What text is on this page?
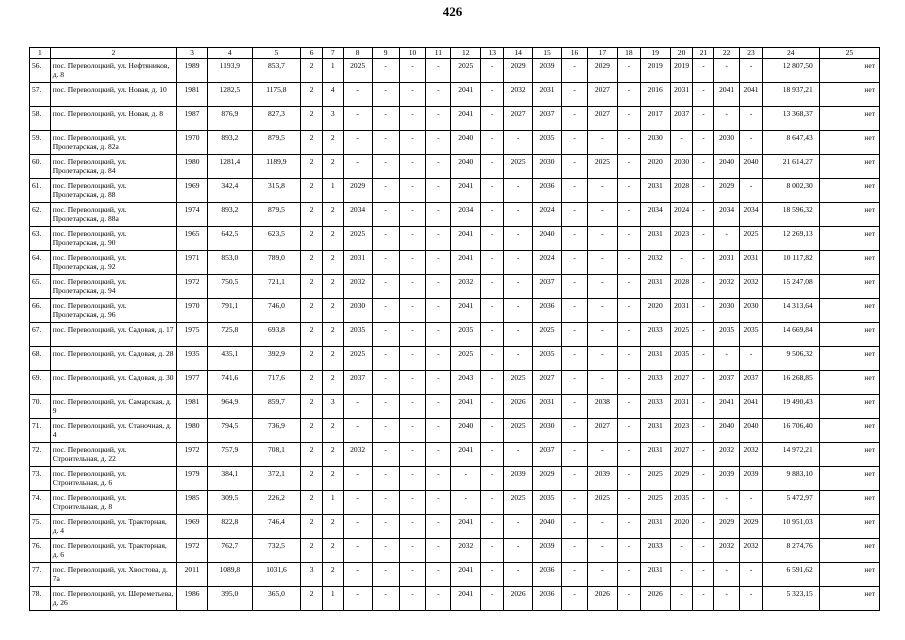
426
1	2	3	4	5	6	7	8	9	10	11	12	13	14	15	16	17	18	19	20	21	22	23	24	25
56.	пос. Переволоцкий, ул. Нефтяников, д. 8	1989	1193,9	853,7	2	1	2025	-	-	-	2025	-	2029	2039	-	2029	-	2019	2019	-	-	-	12 807,50	нет
57.	пос. Переволоцкий, ул. Новая, д. 10	1981	1282,5	1175,8	2	4	-	-	-	-	2041	-	2032	2031	-	2027	-	2016	2031	-	2041	2041	18 937,21	нет
58.	пос. Переволоцкий, ул. Новая, д. 8	1987	876,9	827,3	2	3	-	-	-	-	2041	-	2027	2037	-	2027	-	2017	2037	-	-	-	13 368,37	нет
59.	пос. Переволоцкий, ул. Пролетарская, д. 82а	1970	893,2	879,5	2	2	-	-	-	-	2040	-	-	2035	-	-	-	2030	-	-	2030	-	8 647,43	нет
60.	пос. Переволоцкий, ул. Пролетарская, д. 84	1980	1281,4	1189,9	2	2	-	-	-	-	2040	-	2025	2030	-	2025	-	2020	2030	-	2040	2040	21 614,27	нет
61.	пос. Переволоцкий, ул. Пролетарская, д. 88	1969	342,4	315,8	2	1	2029	-	-	-	2041	-	-	2036	-	-	-	2031	2028	-	2029	-	8 002,30	нет
62.	пос. Переволоцкий, ул. Пролетарская, д. 88а	1974	893,2	879,5	2	2	2034	-	-	-	2034	-	-	2024	-	-	-	2034	2024	-	2034	2034	18 596,32	нет
63.	пос. Переволоцкий, ул. Пролетарская, д. 90	1965	642,5	623,5	2	2	2025	-	-	-	2041	-	-	2040	-	-	-	2031	2023	-	-	2025	12 269,13	нет
64.	пос. Переволоцкий, ул. Пролетарская, д. 92	1971	853,0	789,0	2	2	2031	-	-	-	2041	-	-	2024	-	-	-	2032	-	-	2031	2031	10 117,82	нет
65.	пос. Переволоцкий, ул. Пролетарская, д. 94	1972	750,5	721,1	2	2	2032	-	-	-	2032	-	-	2037	-	-	-	2031	2028	-	2032	2032	15 247,08	нет
66.	пос. Переволоцкий, ул. Пролетарская, д. 96	1970	791,1	746,0	2	2	2030	-	-	-	2041	-	-	2036	-	-	-	2020	2031	-	2030	2030	14 313,64	нет
67.	пос. Переволоцкий, ул. Садовая, д. 17	1975	725,8	693,8	2	2	2035	-	-	-	2035	-	-	2025	-	-	-	2033	2025	-	2035	2035	14 669,84	нет
68.	пос. Переволоцкий, ул. Садовая, д. 28	1935	435,1	392,9	2	2	2025	-	-	-	2025	-	-	2035	-	-	-	2031	2035	-	-	-	9 506,32	нет
69.	пос. Переволоцкий, ул. Садовая, д. 30	1977	741,6	717,6	2	2	2037	-	-	-	2043	-	2025	2027	-	-	-	2033	2027	-	2037	2037	16 268,85	нет
70.	пос. Переволоцкий, ул. Самарская, д. 9	1981	964,9	859,7	2	3	-	-	-	-	2041	-	2026	2031	-	2038	-	2033	2031	-	2041	2041	19 490,43	нет
71.	пос. Переволоцкий, ул. Станочная, д. 4	1980	794,5	736,9	2	2	-	-	-	-	2040	-	2025	2030	-	2027	-	2031	2023	-	2040	2040	16 706,40	нет
72.	пос. Переволоцкий, ул. Строительная, д. 22	1972	757,9	708,1	2	2	2032	-	-	-	2041	-	-	2037	-	-	-	2031	2027	-	2032	2032	14 972,21	нет
73.	пос. Переволоцкий, ул. Строительная, д. 6	1979	384,1	372,1	2	2	-	-	-	-	-	-	2039	2029	-	2039	-	2025	2029	-	2039	2039	9 883,10	нет
74.	пос. Переволоцкий, ул. Строительная, д. 8	1985	309,5	226,2	2	1	-	-	-	-	-	-	2025	2035	-	2025	-	2025	2035	-	-	-	5 472,97	нет
75.	пос. Переволоцкий, ул. Тракторная, д. 4	1969	822,8	746,4	2	2	-	-	-	-	2041	-	-	2040	-	-	-	2031	2020	-	2029	2029	10 951,03	нет
76.	пос. Переволоцкий, ул. Тракторная, д. 6	1972	762,7	732,5	2	2	-	-	-	-	2032	-	-	2039	-	-	-	2033	-	-	2032	2032	8 274,76	нет
77.	пос. Переволоцкий, ул. Хвостова, д. 7а	2011	1089,8	1031,6	3	2	-	-	-	-	2041	-	-	2036	-	-	-	2031	-	-	-	-	6 591,62	нет
78.	пос. Переволоцкий, ул. Шереметьева, д. 26	1986	395,0	365,0	2	1	-	-	-	-	2041	-	2026	2036	-	2026	-	2026	-	-	-	-	5 323,15	нет
